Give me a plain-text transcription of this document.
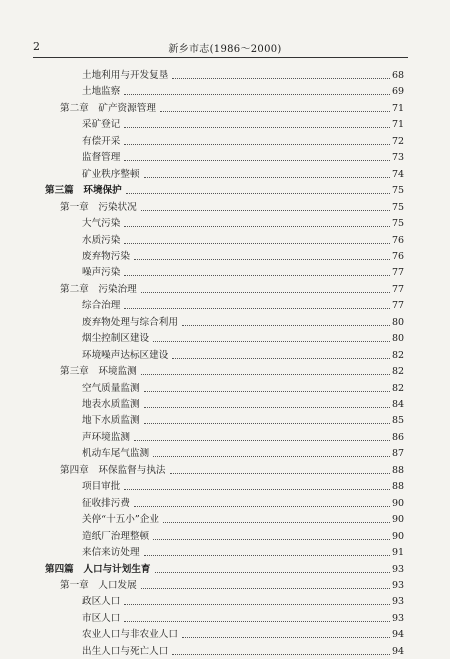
2	新乡市志(1986～2000)
土地利用与开发复垦	68
土地监察	69
第二章　矿产资源管理	71
采矿登记	71
有偿开采	72
监督管理	73
矿业秩序整顿	74
第三篇　环境保护	75
第一章　污染状况	75
大气污染	75
水质污染	76
废弃物污染	76
噪声污染	77
第二章　污染治理	77
综合治理	77
废弃物处理与综合利用	80
烟尘控制区建设	80
环境噪声达标区建设	82
第三章　环境监测	82
空气质量监测	82
地表水质监测	84
地下水质监测	85
声环境监测	86
机动车尾气监测	87
第四章　环保监督与执法	88
项目审批	88
征收排污费	90
关停“十五小”企业	90
造纸厂治理整顿	90
来信来访处理	91
第四篇　人口与计划生育	93
第一章　人口发展	93
政区人口	93
市区人口	93
农业人口与非农业人口	94
出生人口与死亡人口	94
